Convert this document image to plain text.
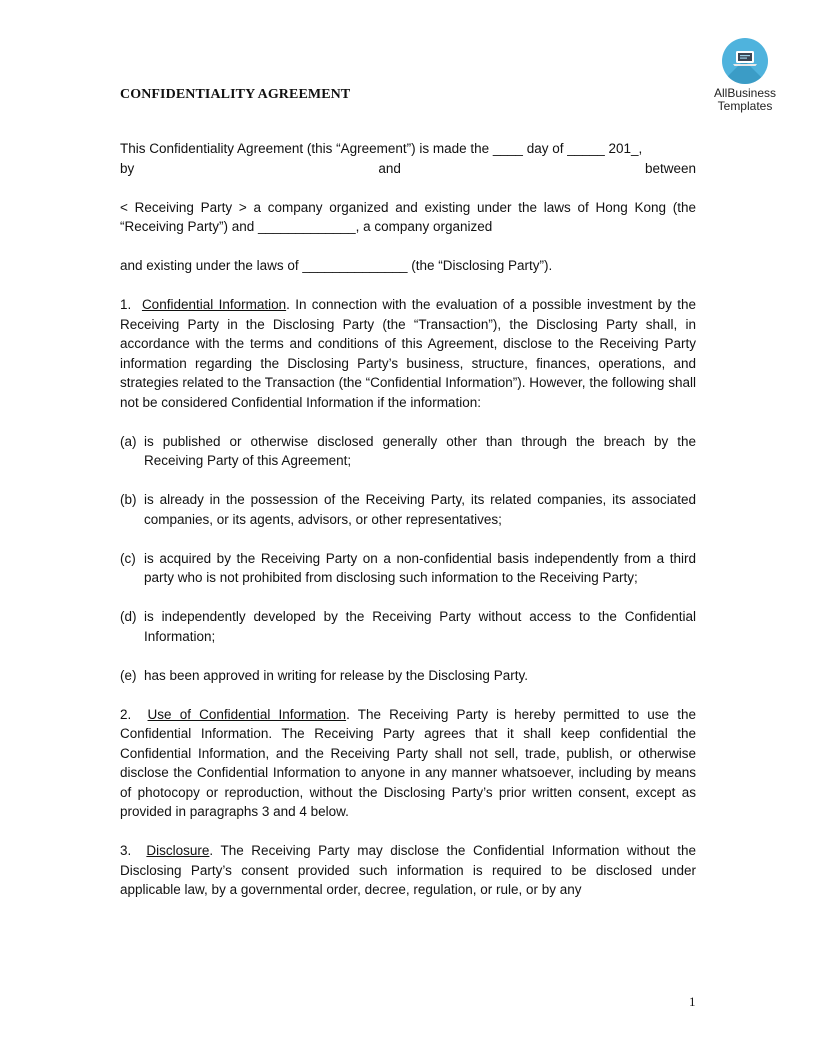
AllBusiness
Templates
CONFIDENTIALITY AGREEMENT
This Confidentiality Agreement (this “Agreement”) is made the ____ day of _____ 201_,
by	and	between

< Receiving Party > a company organized and existing under the laws of Hong Kong (the “Receiving Party”) and _____________, a company organized

and existing under the laws of ______________ (the “Disclosing Party”).

1. Confidential Information. In connection with the evaluation of a possible investment by the Receiving Party in the Disclosing Party (the “Transaction”), the Disclosing Party shall, in accordance with the terms and conditions of this Agreement, disclose to the Receiving Party information regarding the Disclosing Party’s business, structure, finances, operations, and strategies related to the Transaction (the “Confidential Information”). However, the following shall not be considered Confidential Information if the information:

(a) is published or otherwise disclosed generally other than through the breach by the Receiving Party of this Agreement;
(b) is already in the possession of the Receiving Party, its related companies, its associated companies, or its agents, advisors, or other representatives;
(c) is acquired by the Receiving Party on a non-confidential basis independently from a third party who is not prohibited from disclosing such information to the Receiving Party;
(d) is independently developed by the Receiving Party without access to the Confidential Information;
(e) has been approved in writing for release by the Disclosing Party.

2. Use of Confidential Information. The Receiving Party is hereby permitted to use the Confidential Information. The Receiving Party agrees that it shall keep confidential the Confidential Information, and the Receiving Party shall not sell, trade, publish, or otherwise disclose the Confidential Information to anyone in any manner whatsoever, including by means of photocopy or reproduction, without the Disclosing Party’s prior written consent, except as provided in paragraphs 3 and 4 below.

3. Disclosure. The Receiving Party may disclose the Confidential Information without the Disclosing Party’s consent provided such information is required to be disclosed under applicable law, by a governmental order, decree, regulation, or rule, or by any

1
